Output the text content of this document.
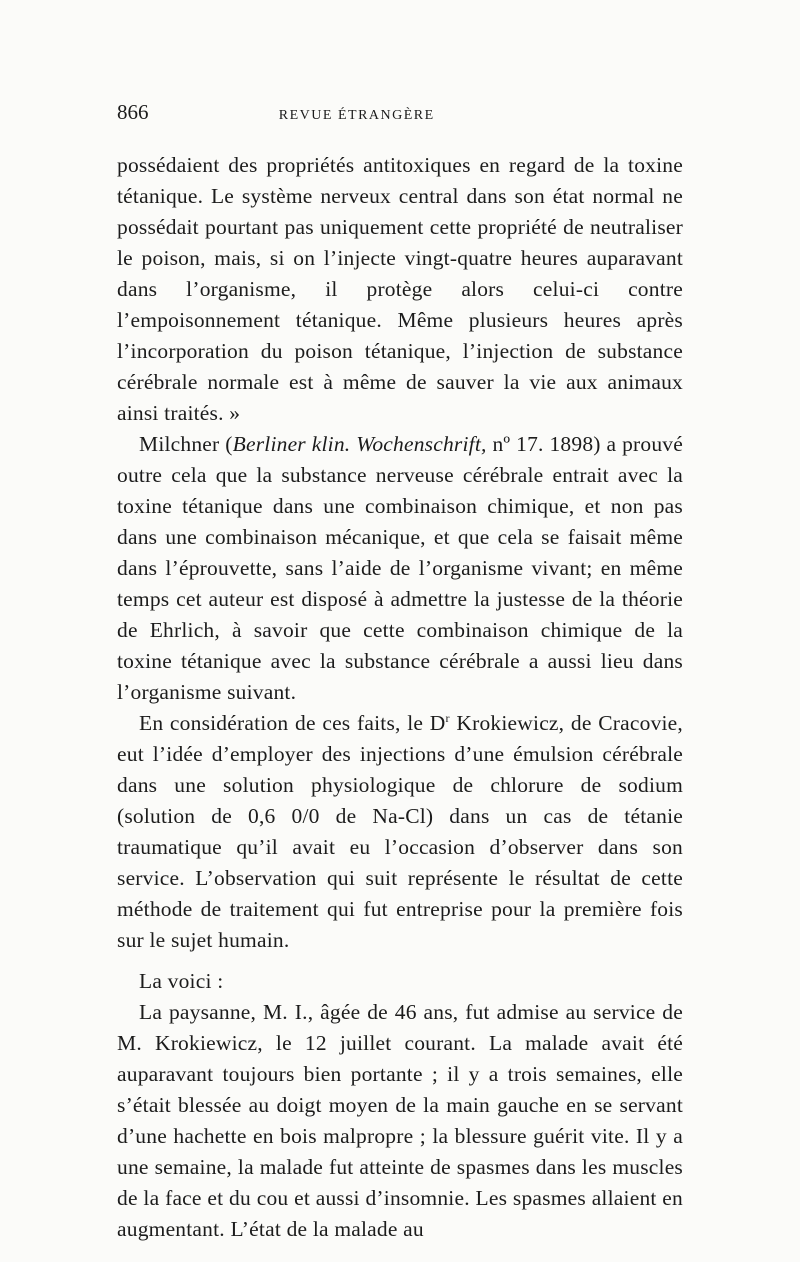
866	REVUE ÉTRANGÈRE

possédaient des propriétés antitoxiques en regard de la toxine tétanique. Le système nerveux central dans son état normal ne possédait pourtant pas uniquement cette propriété de neutraliser le poison, mais, si on l’injecte vingt-quatre heures auparavant dans l’organisme, il protège alors celui-ci contre l’empoisonnement tétanique. Même plusieurs heures après l’incorporation du poison tétanique, l’injection de substance cérébrale normale est à même de sauver la vie aux animaux ainsi traités. »

Milchner (Berliner klin. Wochenschrift, nº 17. 1898) a prouvé outre cela que la substance nerveuse cérébrale entrait avec la toxine tétanique dans une combinaison chimique, et non pas dans une combinaison mécanique, et que cela se faisait même dans l’éprouvette, sans l’aide de l’organisme vivant; en même temps cet auteur est disposé à admettre la justesse de la théorie de Ehrlich, à savoir que cette combinaison chimique de la toxine tétanique avec la substance cérébrale a aussi lieu dans l’organisme suivant.

En considération de ces faits, le $D^r$ Krokiewicz, de Cracovie, eut l’idée d’employer des injections d’une émulsion cérébrale dans une solution physiologique de chlorure de sodium (solution de 0,6 0/0 de Na-Cl) dans un cas de tétanie traumatique qu’il avait eu l’occasion d’observer dans son service. L’observation qui suit représente le résultat de cette méthode de traitement qui fut entreprise pour la première fois sur le sujet humain.

La voici :

La paysanne, M. I., âgée de 46 ans, fut admise au service de M. Krokiewicz, le 12 juillet courant. La malade avait été auparavant toujours bien portante ; il y a trois semaines, elle s’était blessée au doigt moyen de la main gauche en se servant d’une hachette en bois malpropre ; la blessure guérit vite. Il y a une semaine, la malade fut atteinte de spasmes dans les muscles de la face et du cou et aussi d’insomnie. Les spasmes allaient en augmentant. L’état de la malade au
